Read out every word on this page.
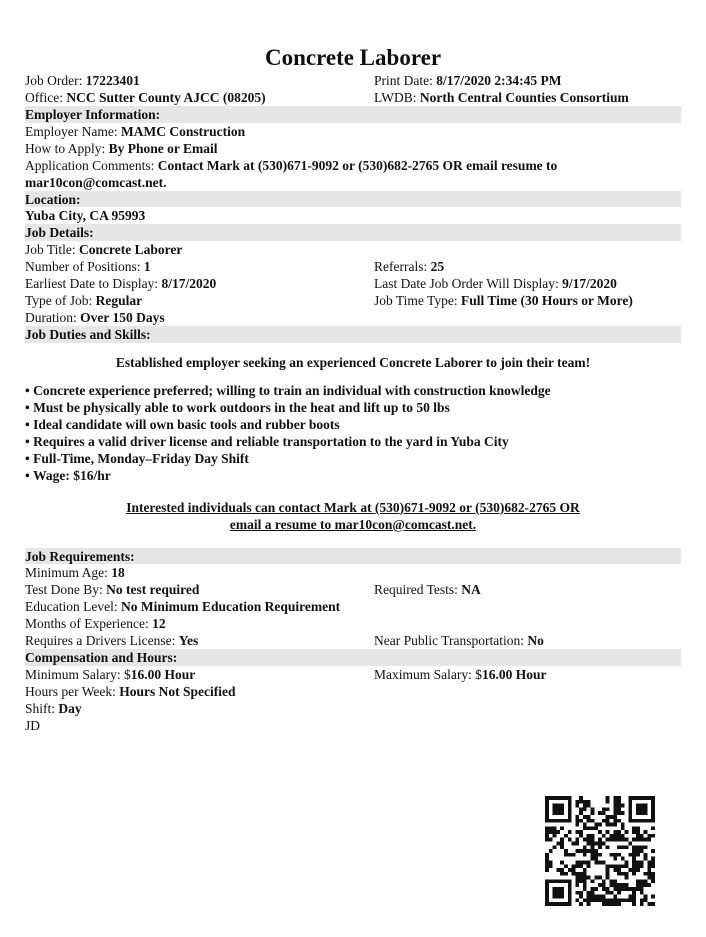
Concrete Laborer
Job Order: 17223401	Print Date: 8/17/2020 2:34:45 PM
Office: NCC Sutter County AJCC (08205)	LWDB: North Central Counties Consortium
Employer Information:
Employer Name: MAMC Construction
How to Apply: By Phone or Email
Application Comments: Contact Mark at (530)671-9092 or (530)682-2765 OR email resume to
mar10con@comcast.net.
Location:
Yuba City, CA 95993
Job Details:
Job Title: Concrete Laborer
Number of Positions: 1	Referrals: 25
Earliest Date to Display: 8/17/2020	Last Date Job Order Will Display: 9/17/2020
Type of Job: Regular	Job Time Type: Full Time (30 Hours or More)
Duration: Over 150 Days
Job Duties and Skills:
Established employer seeking an experienced Concrete Laborer to join their team!
• Concrete experience preferred; willing to train an individual with construction knowledge
• Must be physically able to work outdoors in the heat and lift up to 50 lbs
• Ideal candidate will own basic tools and rubber boots
• Requires a valid driver license and reliable transportation to the yard in Yuba City
• Full-Time, Monday–Friday Day Shift
• Wage: $16/hr
Interested individuals can contact Mark at (530)671-9092 or (530)682-2765 OR
email a resume to mar10con@comcast.net.
Job Requirements:
Minimum Age: 18
Test Done By: No test required	Required Tests: NA
Education Level: No Minimum Education Requirement
Months of Experience: 12
Requires a Drivers License: Yes	Near Public Transportation: No
Compensation and Hours:
Minimum Salary: $16.00 Hour	Maximum Salary: $16.00 Hour
Hours per Week: Hours Not Specified
Shift: Day
JD
